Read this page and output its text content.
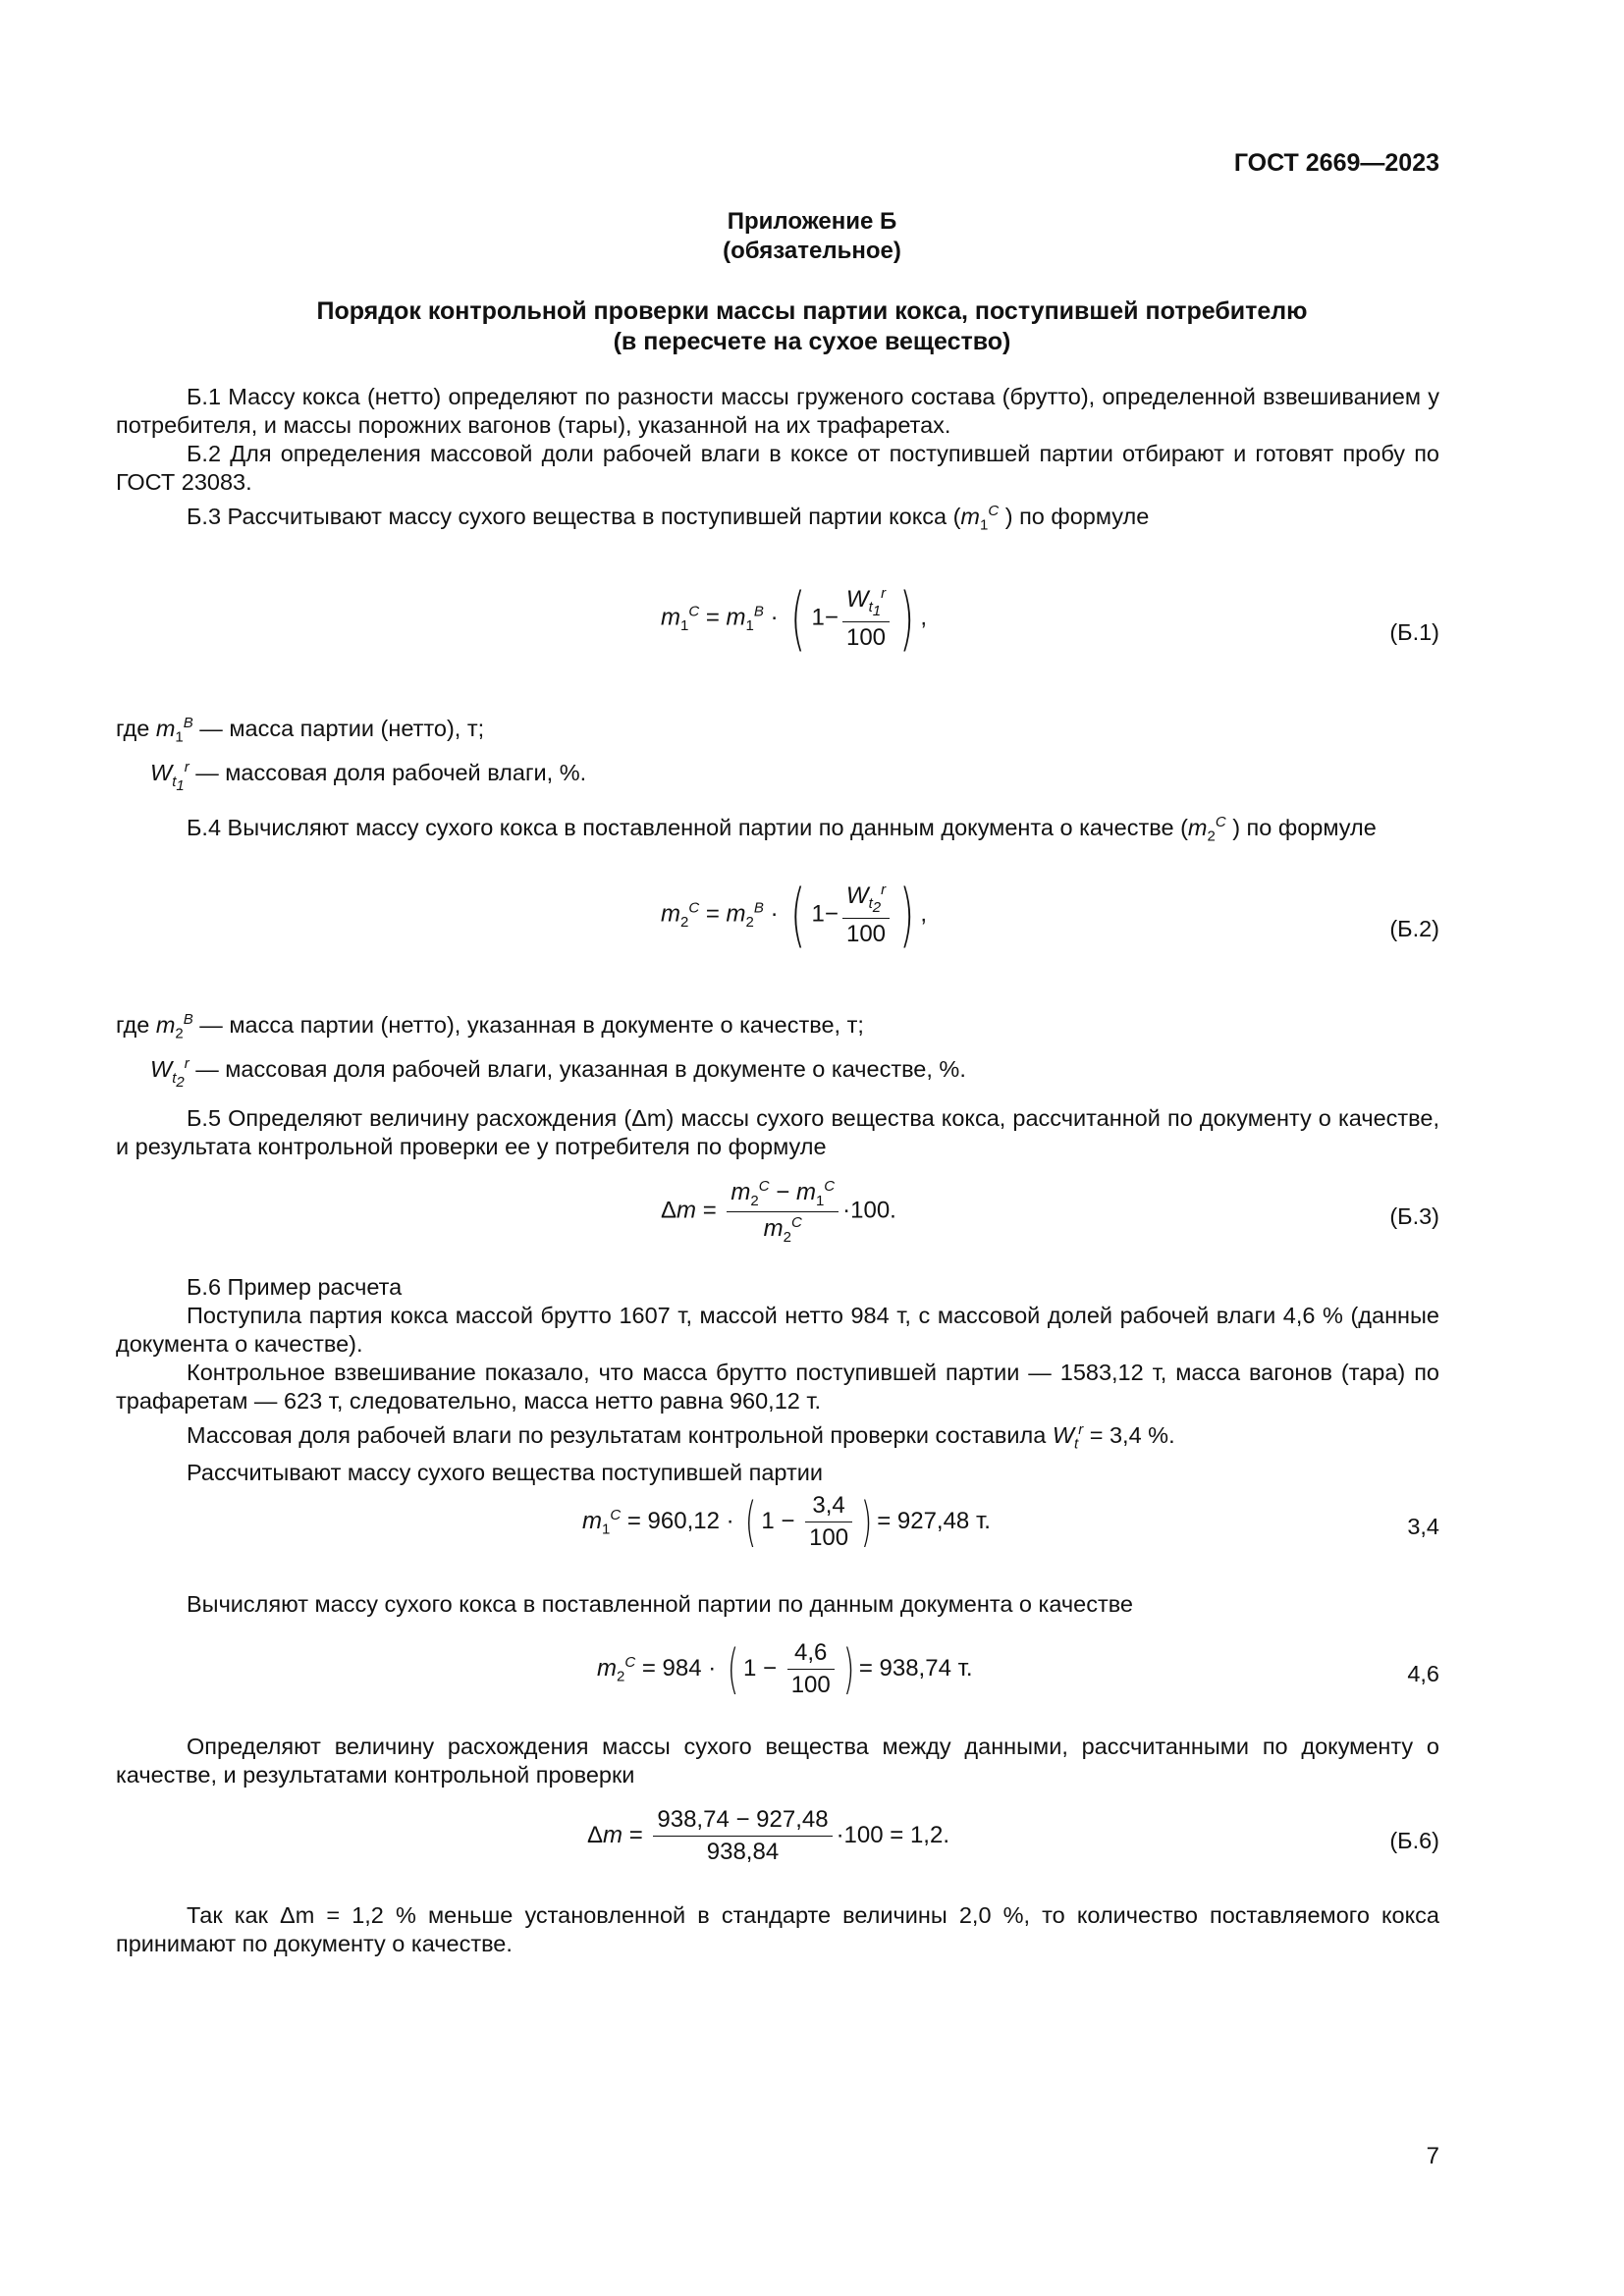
ГОСТ 2669—2023
Приложение Б
(обязательное)
Порядок контрольной проверки массы партии кокса, поступившей потребителю
(в пересчете на сухое вещество)

Б.1 Массу кокса (нетто) определяют по разности массы груженого состава (брутто), определенной взвешиванием у потребителя, и массы порожних вагонов (тары), указанной на их трафаретах.

Б.2 Для определения массовой доли рабочей влаги в коксе от поступившей партии отбирают и готовят пробу по ГОСТ 23083.

Б.3 Рассчитывают массу сухого вещества в поступившей партии кокса ($m_1^C$ ) по формуле

$m_1^C = m_1^B$ · ( $1- \frac{W_{t_1}^r}{100}$ ) ,
(Б.1)
где $m_1^B$ — масса партии (нетто), т;
$W_{t_1}^r$ — массовая доля рабочей влаги, %.

Б.4 Вычисляют массу сухого кокса в поставленной партии по данным документа о качестве ($m_2^C$ ) по формуле

$m_2^C = m_2^B$ · ( $1- \frac{W_{t_2}^r}{100}$ ) ,
(Б.2)
где $m_2^B$ — масса партии (нетто), указанная в документе о качестве, т;
$W_{t_2}^r$ — массовая доля рабочей влаги, указанная в документе о качестве, %.

Б.5 Определяют величину расхождения (Δm) массы сухого вещества кокса, рассчитанной по документу о качестве, и результата контрольной проверки ее у потребителя по формуле

$\Delta m = \frac{m_2^C - m_1^C}{m_2^C} \cdot 100$.	(Б.3)

Б.6 Пример расчета

Поступила партия кокса массой брутто 1607 т, массой нетто 984 т, с массовой долей рабочей влаги 4,6 % (данные документа о качестве).

Контрольное взвешивание показало, что масса брутто поступившей партии — 1583,12 т, масса вагонов (тара) по трафаретам — 623 т, следовательно, масса нетто равна 960,12 т.

Массовая доля рабочей влаги по результатам контрольной проверки составила $W_t^r = 3,4$ %.

Рассчитывают массу сухого вещества поступившей партии

$m_1^C = 960,12$ · ( $1 - \frac{3,4}{100}$ ) = 927,48 т.	3,4

Вычисляют массу сухого кокса в поставленной партии по данным документа о качестве

$m_2^C = 984$ · ( $1 - \frac{4,6}{100}$ ) = 938,74 т.	4,6

Определяют величину расхождения массы сухого вещества между данными, рассчитанными по документу о качестве, и результатами контрольной проверки

$\Delta m = \frac{938,74 - 927,48}{938,84} \cdot 100 = 1,2$.	(Б.6)

Так как Δm = 1,2 % меньше установленной в стандарте величины 2,0 %, то количество поставляемого кокса принимают по документу о качестве.

7
